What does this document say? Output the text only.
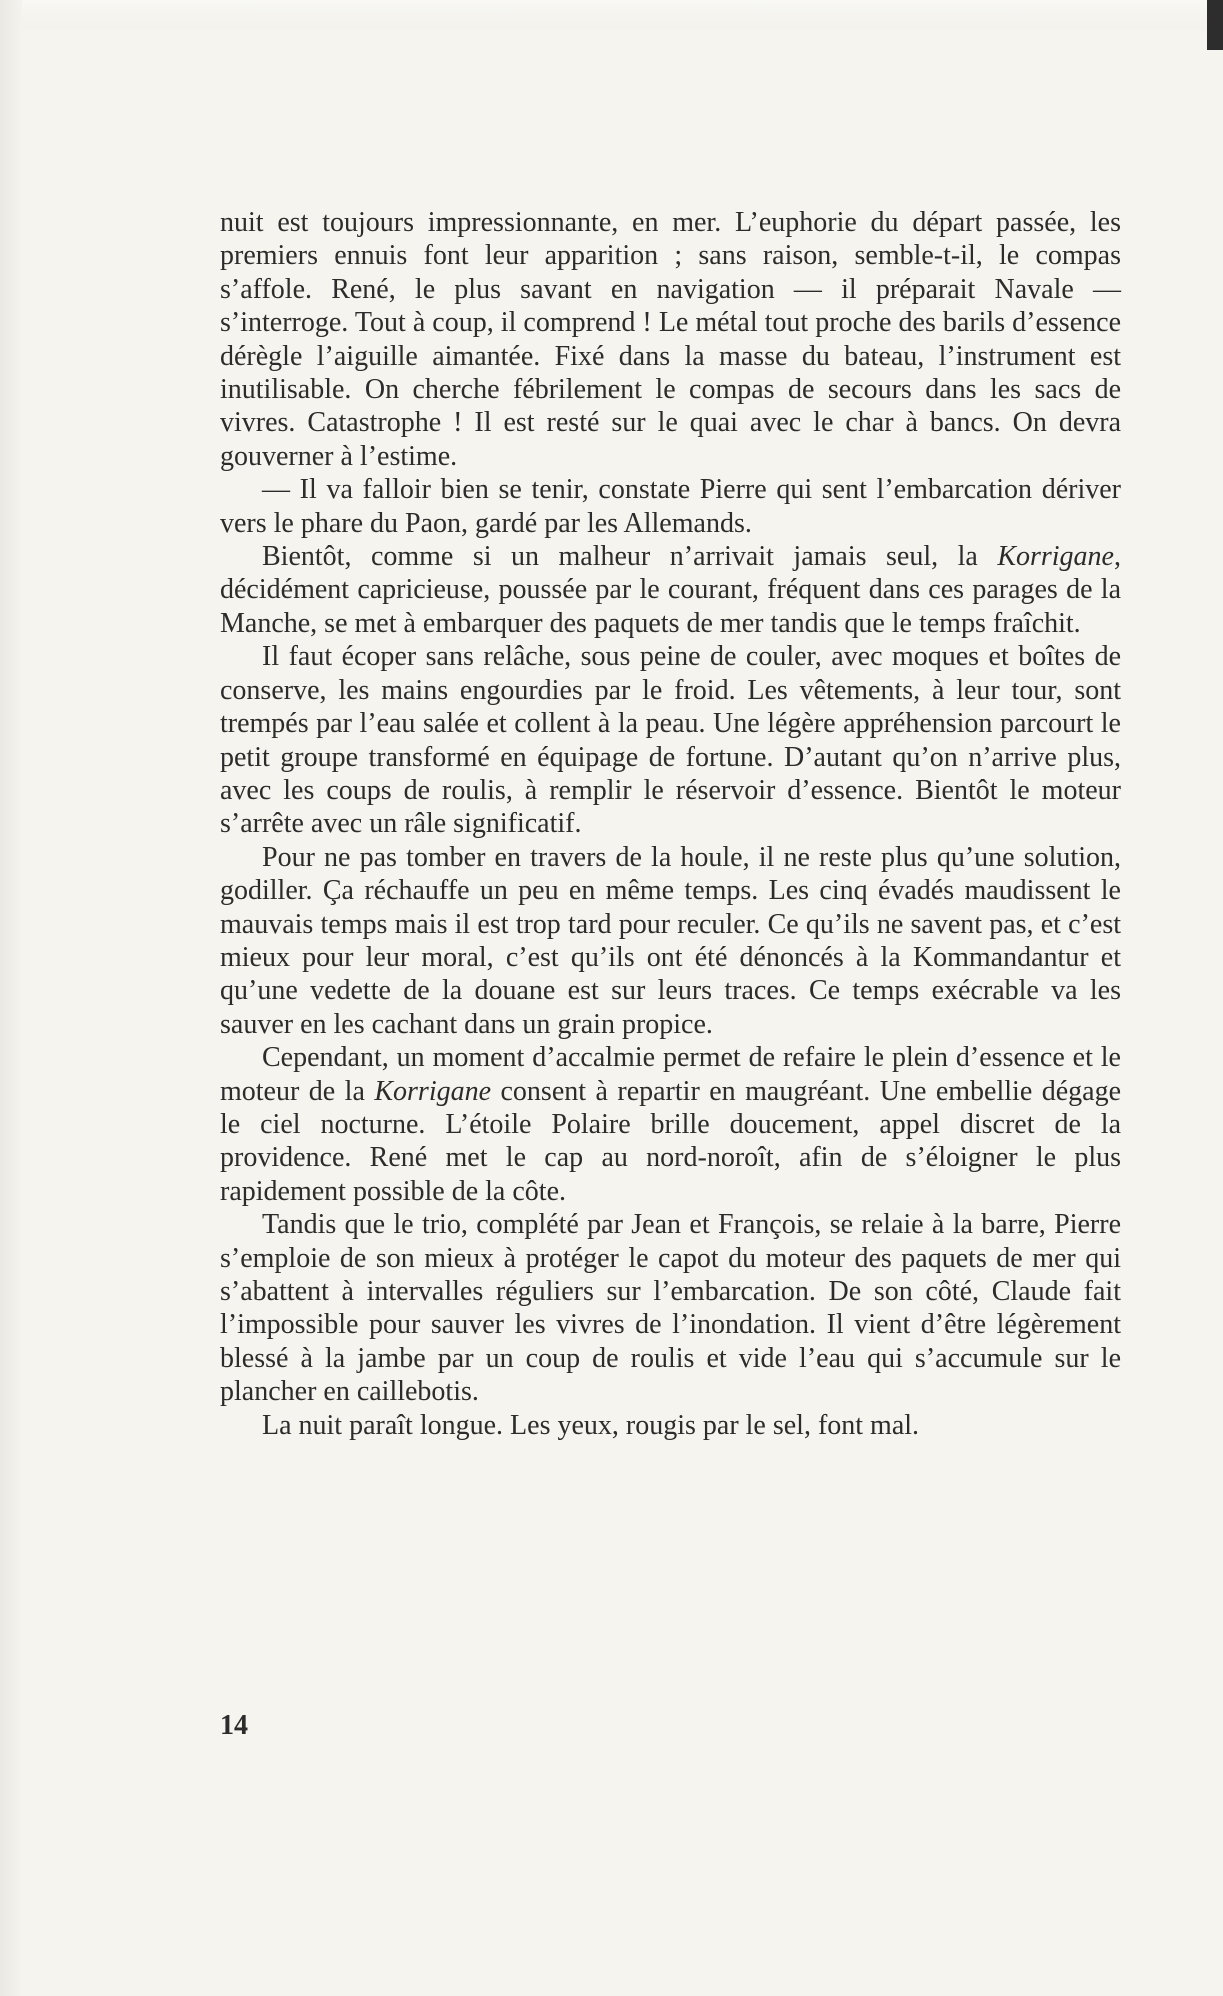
nuit est toujours impressionnante, en mer. L’euphorie du départ passée, les premiers ennuis font leur apparition ; sans raison, semble-t-il, le compas s’affole. René, le plus savant en navigation — il préparait Navale — s’interroge. Tout à coup, il comprend ! Le métal tout proche des barils d’essence dérègle l’aiguille aimantée. Fixé dans la masse du bateau, l’instrument est inutilisable. On cherche fébrilement le compas de secours dans les sacs de vivres. Catastrophe ! Il est resté sur le quai avec le char à bancs. On devra gouverner à l’estime.

— Il va falloir bien se tenir, constate Pierre qui sent l’embarcation dériver vers le phare du Paon, gardé par les Allemands.

Bientôt, comme si un malheur n’arrivait jamais seul, la Korrigane, décidément capricieuse, poussée par le courant, fréquent dans ces parages de la Manche, se met à embarquer des paquets de mer tandis que le temps fraîchit.

Il faut écoper sans relâche, sous peine de couler, avec moques et boîtes de conserve, les mains engourdies par le froid. Les vêtements, à leur tour, sont trempés par l’eau salée et collent à la peau. Une légère appréhension parcourt le petit groupe transformé en équipage de fortune. D’autant qu’on n’arrive plus, avec les coups de roulis, à remplir le réservoir d’essence. Bientôt le moteur s’arrête avec un râle significatif.

Pour ne pas tomber en travers de la houle, il ne reste plus qu’une solution, godiller. Ça réchauffe un peu en même temps. Les cinq évadés maudissent le mauvais temps mais il est trop tard pour reculer. Ce qu’ils ne savent pas, et c’est mieux pour leur moral, c’est qu’ils ont été dénoncés à la Kommandantur et qu’une vedette de la douane est sur leurs traces. Ce temps exécrable va les sauver en les cachant dans un grain propice.

Cependant, un moment d’accalmie permet de refaire le plein d’essence et le moteur de la Korrigane consent à repartir en maugréant. Une embellie dégage le ciel nocturne. L’étoile Polaire brille doucement, appel discret de la providence. René met le cap au nord-noroît, afin de s’éloigner le plus rapidement possible de la côte.

Tandis que le trio, complété par Jean et François, se relaie à la barre, Pierre s’emploie de son mieux à protéger le capot du moteur des paquets de mer qui s’abattent à intervalles réguliers sur l’embarcation. De son côté, Claude fait l’impossible pour sauver les vivres de l’inondation. Il vient d’être légèrement blessé à la jambe par un coup de roulis et vide l’eau qui s’accumule sur le plancher en caillebotis.

La nuit paraît longue. Les yeux, rougis par le sel, font mal.

14
